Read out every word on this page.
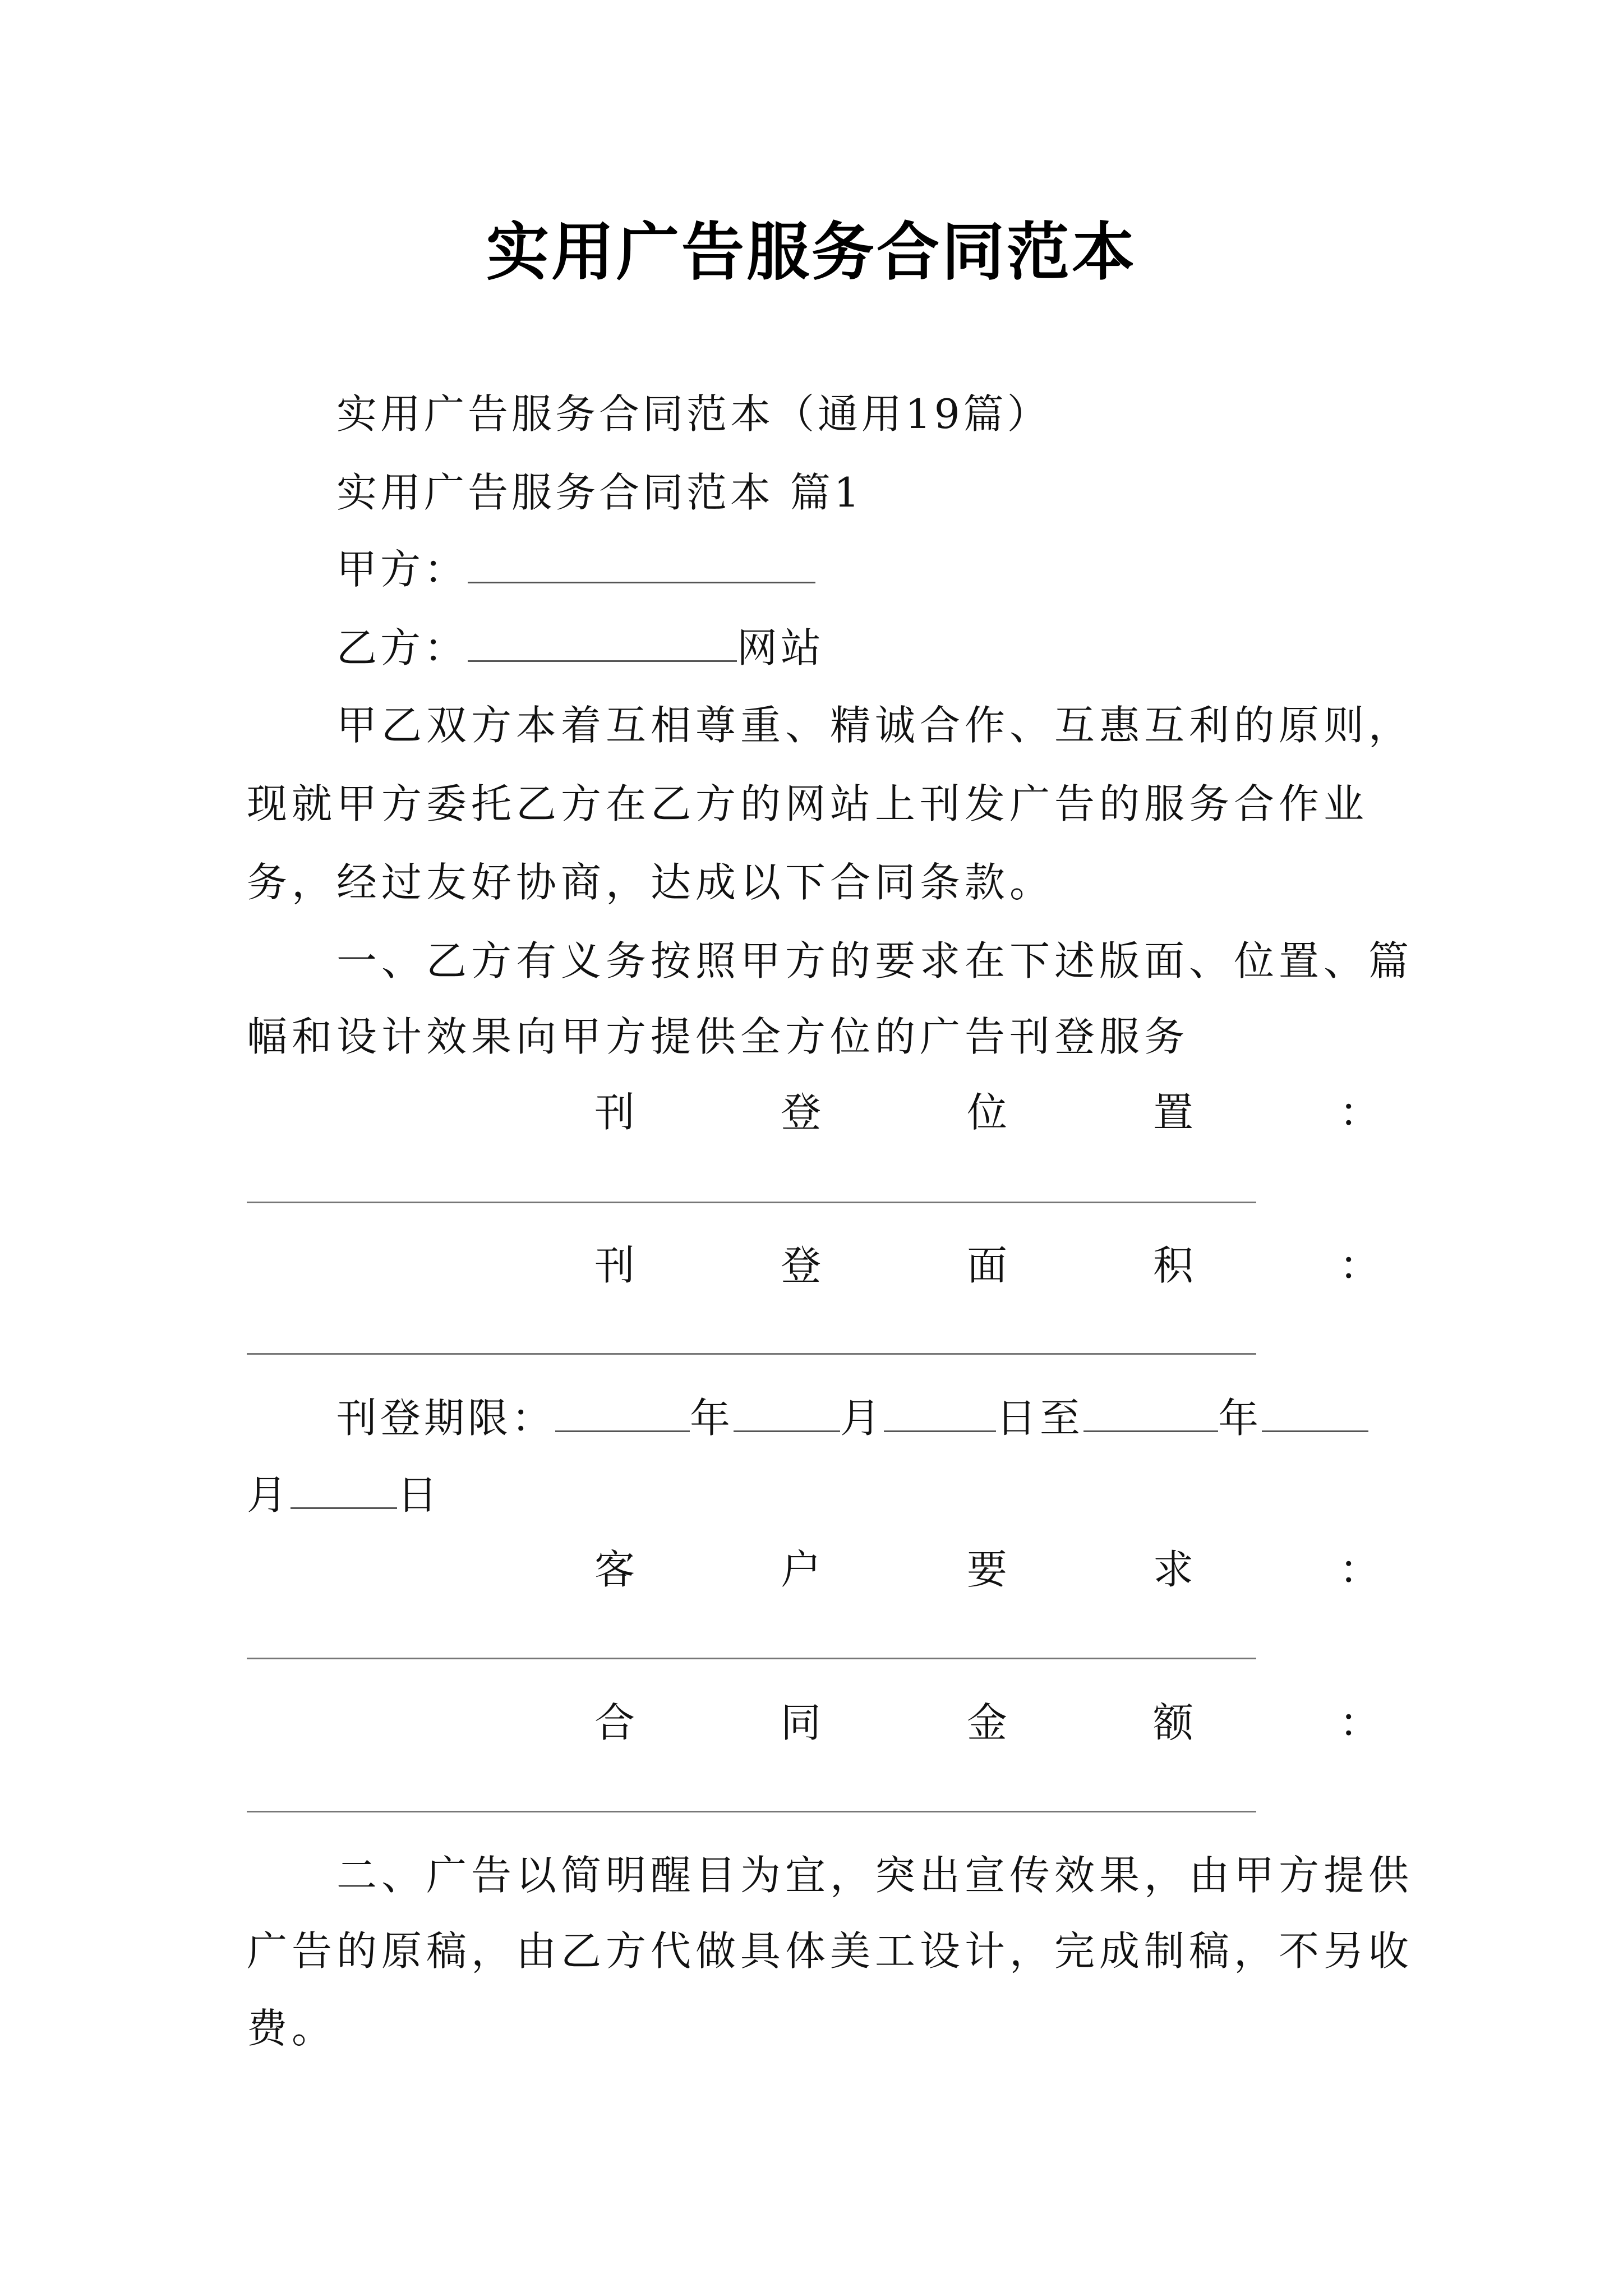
实用广告服务合同范本
实用广告服务合同范本（通用19篇）
实用广告服务合同范本 篇1
甲方：
乙方：	网站
甲乙双方本着互相尊重、精诚合作、互惠互利的原则，
现就甲方委托乙方在乙方的网站上刊发广告的服务合作业
务，经过友好协商，达成以下合同条款。
一、乙方有义务按照甲方的要求在下述版面、位置、篇
幅和设计效果向甲方提供全方位的广告刊登服务
刊	登	位	置	：
刊	登	面	积	：
刊登期限：	年	月	日至	年
月	日
客	户	要	求	：
合	同	金	额	：
二、广告以简明醒目为宜，突出宣传效果，由甲方提供
广告的原稿，由乙方代做具体美工设计，完成制稿，不另收
费。
